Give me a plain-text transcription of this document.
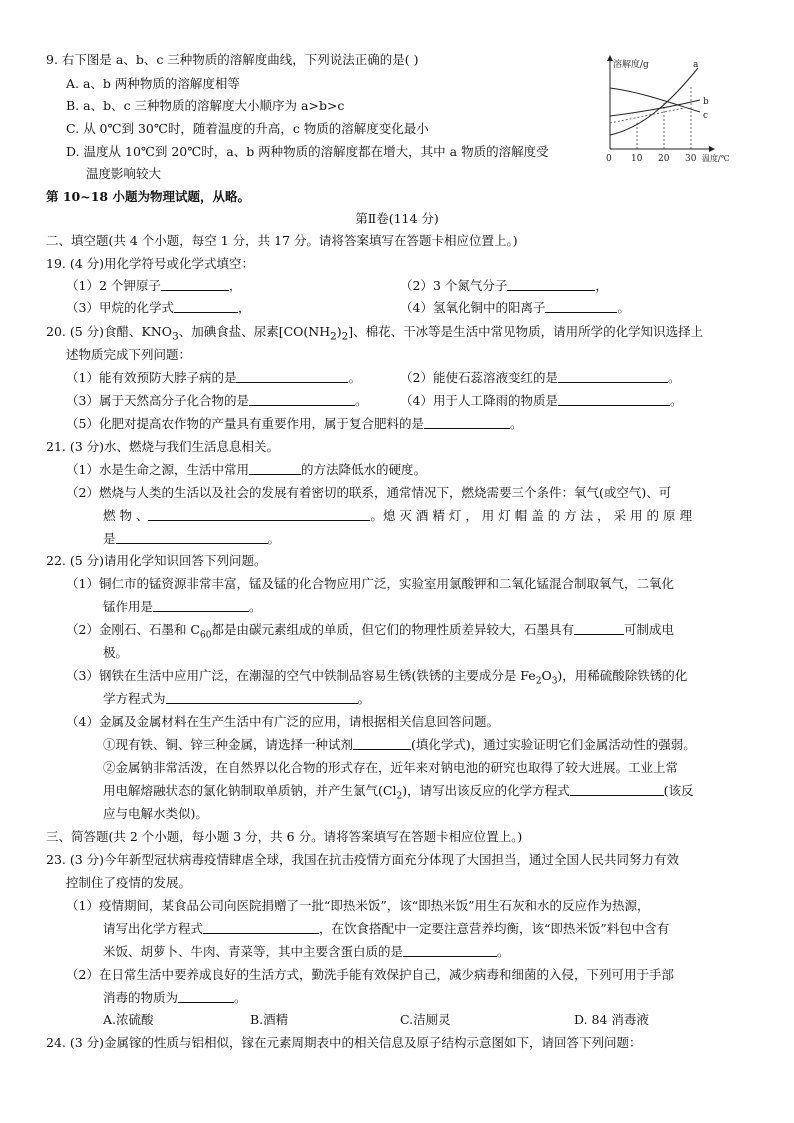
9. 右下图是 a、b、c 三种物质的溶解度曲线，下列说法正确的是( )
A. a、b 两种物质的溶解度相等
B. a、b、c 三种物质的溶解度大小顺序为 a>b>c
C. 从 0℃到 30℃时，随着温度的升高，c 物质的溶解度变化最小
D. 温度从 10℃到 20℃时，a、b 两种物质的溶解度都在增大，其中 a 物质的溶解度受
温度影响较大
溶解度/g
温度/℃
a
b
c
0 10 20 30
第 10~18 小题为物理试题，从略。
第Ⅱ卷(114 分)
二、填空题(共 4 个小题，每空 1 分，共 17 分。请将答案填写在答题卡相应位置上。)
19. (4 分)用化学符号或化学式填空：
（1）2 个钾原子	，	（2）3 个氮气分子	，
（3）甲烷的化学式	，	（4）氢氧化铜中的阳离子	。
20. (5 分)食醋、$KNO_3$、加碘食盐、尿素$[CO(NH_2)_2]$、棉花、干冰等是生活中常见物质，请用所学的化学知识选择上
述物质完成下列问题：
（1）能有效预防大脖子病的是	。	（2）能使石蕊溶液变红的是	。
（3）属于天然高分子化合物的是	。	（4）用于人工降雨的物质是	。
（5）化肥对提高农作物的产量具有重要作用，属于复合肥料的是	。
21. (3 分)水、燃烧与我们生活息息相关。
（1）水是生命之源，生活中常用	的方法降低水的硬度。
（2）燃烧与人类的生活以及社会的发展有着密切的联系，通常情况下，燃烧需要三个条件：氧气(或空气)、可
燃 物 、	。熄 灭 酒 精 灯 ， 用 灯 帽 盖 的 方 法 ， 采 用 的 原 理
是	。
22. (5 分)请用化学知识回答下列问题。
（1）铜仁市的锰资源非常丰富，锰及锰的化合物应用广泛，实验室用氯酸钾和二氧化锰混合制取氧气，二氧化
锰作用是	。
（2）金刚石、石墨和 $C_{60}$都是由碳元素组成的单质，但它们的物理性质差异较大，石墨具有	可制成电
极。
（3）钢铁在生活中应用广泛，在潮湿的空气中铁制品容易生锈(铁锈的主要成分是 $Fe_2O_3$)，用稀硫酸除铁锈的化
学方程式为	。
（4）金属及金属材料在生产生活中有广泛的应用，请根据相关信息回答问题。
①现有铁、铜、锌三种金属，请选择一种试剂	(填化学式)，通过实验证明它们金属活动性的强弱。
②金属钠非常活泼，在自然界以化合物的形式存在，近年来对钠电池的研究也取得了较大进展。工业上常
用电解熔融状态的氯化钠制取单质钠，并产生氯气$(Cl_2)$，请写出该反应的化学方程式	(该反
应与电解水类似)。
三、简答题(共 2 个小题，每小题 3 分，共 6 分。请将答案填写在答题卡相应位置上。)
23. (3 分)今年新型冠状病毒疫情肆虐全球，我国在抗击疫情方面充分体现了大国担当，通过全国人民共同努力有效
控制住了疫情的发展。
（1）疫情期间，某食品公司向医院捐赠了一批“即热米饭”，该“即热米饭”用生石灰和水的反应作为热源，
请写出化学方程式	，在饮食搭配中一定要注意营养均衡，该“即热米饭”料包中含有
米饭、胡萝卜、牛肉、青菜等，其中主要含蛋白质的是	。
（2）在日常生活中要养成良好的生活方式，勤洗手能有效保护自己，减少病毒和细菌的入侵，下列可用于手部
消毒的物质为	。
A.浓硫酸	B.酒精	C.洁厕灵	D. 84 消毒液
24. (3 分)金属镓的性质与铝相似，镓在元素周期表中的相关信息及原子结构示意图如下，请回答下列问题：
